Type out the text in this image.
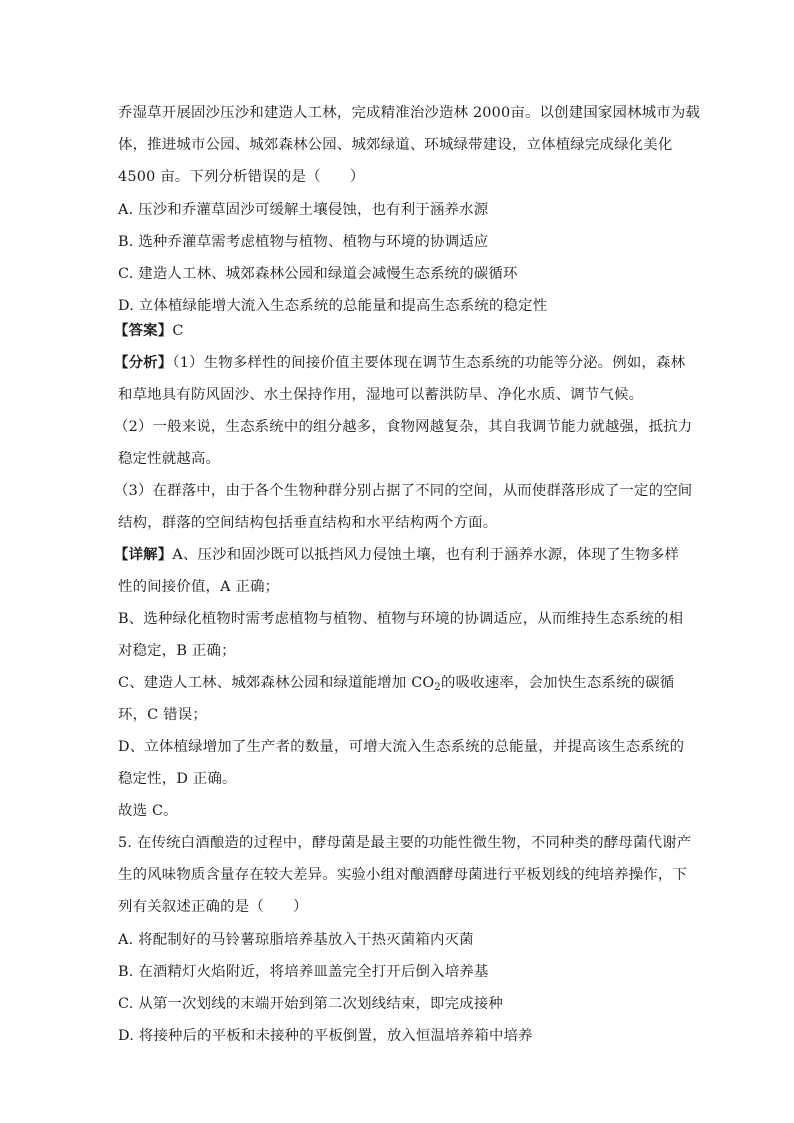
乔湿草开展固沙压沙和建造人工林，完成精准治沙造林 2000亩。以创建国家园林城市为载
体，推进城市公园、城郊森林公园、城郊绿道、环城绿带建设，立体植绿完成绿化美化
4500 亩。下列分析错误的是（　　）
A. 压沙和乔灌草固沙可缓解土壤侵蚀，也有利于涵养水源
B. 选种乔灌草需考虑植物与植物、植物与环境的协调适应
C. 建造人工林、城郊森林公园和绿道会减慢生态系统的碳循环
D. 立体植绿能增大流入生态系统的总能量和提高生态系统的稳定性
【答案】C
【分析】（1）生物多样性的间接价值主要体现在调节生态系统的功能等分泌。例如，森林
和草地具有防风固沙、水土保持作用，湿地可以蓄洪防旱、净化水质、调节气候。
（2）一般来说，生态系统中的组分越多，食物网越复杂，其自我调节能力就越强，抵抗力
稳定性就越高。
（3）在群落中，由于各个生物种群分别占据了不同的空间，从而使群落形成了一定的空间
结构，群落的空间结构包括垂直结构和水平结构两个方面。
【详解】A、压沙和固沙既可以抵挡风力侵蚀土壤，也有利于涵养水源，体现了生物多样
性的间接价值，A 正确；
B、选种绿化植物时需考虑植物与植物、植物与环境的协调适应，从而维持生态系统的相
对稳定，B 正确；
C、建造人工林、城郊森林公园和绿道能增加 $CO_2$的吸收速率，会加快生态系统的碳循
环，C 错误；
D、立体植绿增加了生产者的数量，可增大流入生态系统的总能量，并提高该生态系统的
稳定性，D 正确。
故选 C。
5. 在传统白酒酿造的过程中，酵母菌是最主要的功能性微生物，不同种类的酵母菌代谢产
生的风味物质含量存在较大差异。实验小组对酿酒酵母菌进行平板划线的纯培养操作，下
列有关叙述正确的是（　　）
A. 将配制好的马铃薯琼脂培养基放入干热灭菌箱内灭菌
B. 在酒精灯火焰附近，将培养皿盖完全打开后倒入培养基
C. 从第一次划线的末端开始到第二次划线结束，即完成接种
D. 将接种后的平板和未接种的平板倒置，放入恒温培养箱中培养
